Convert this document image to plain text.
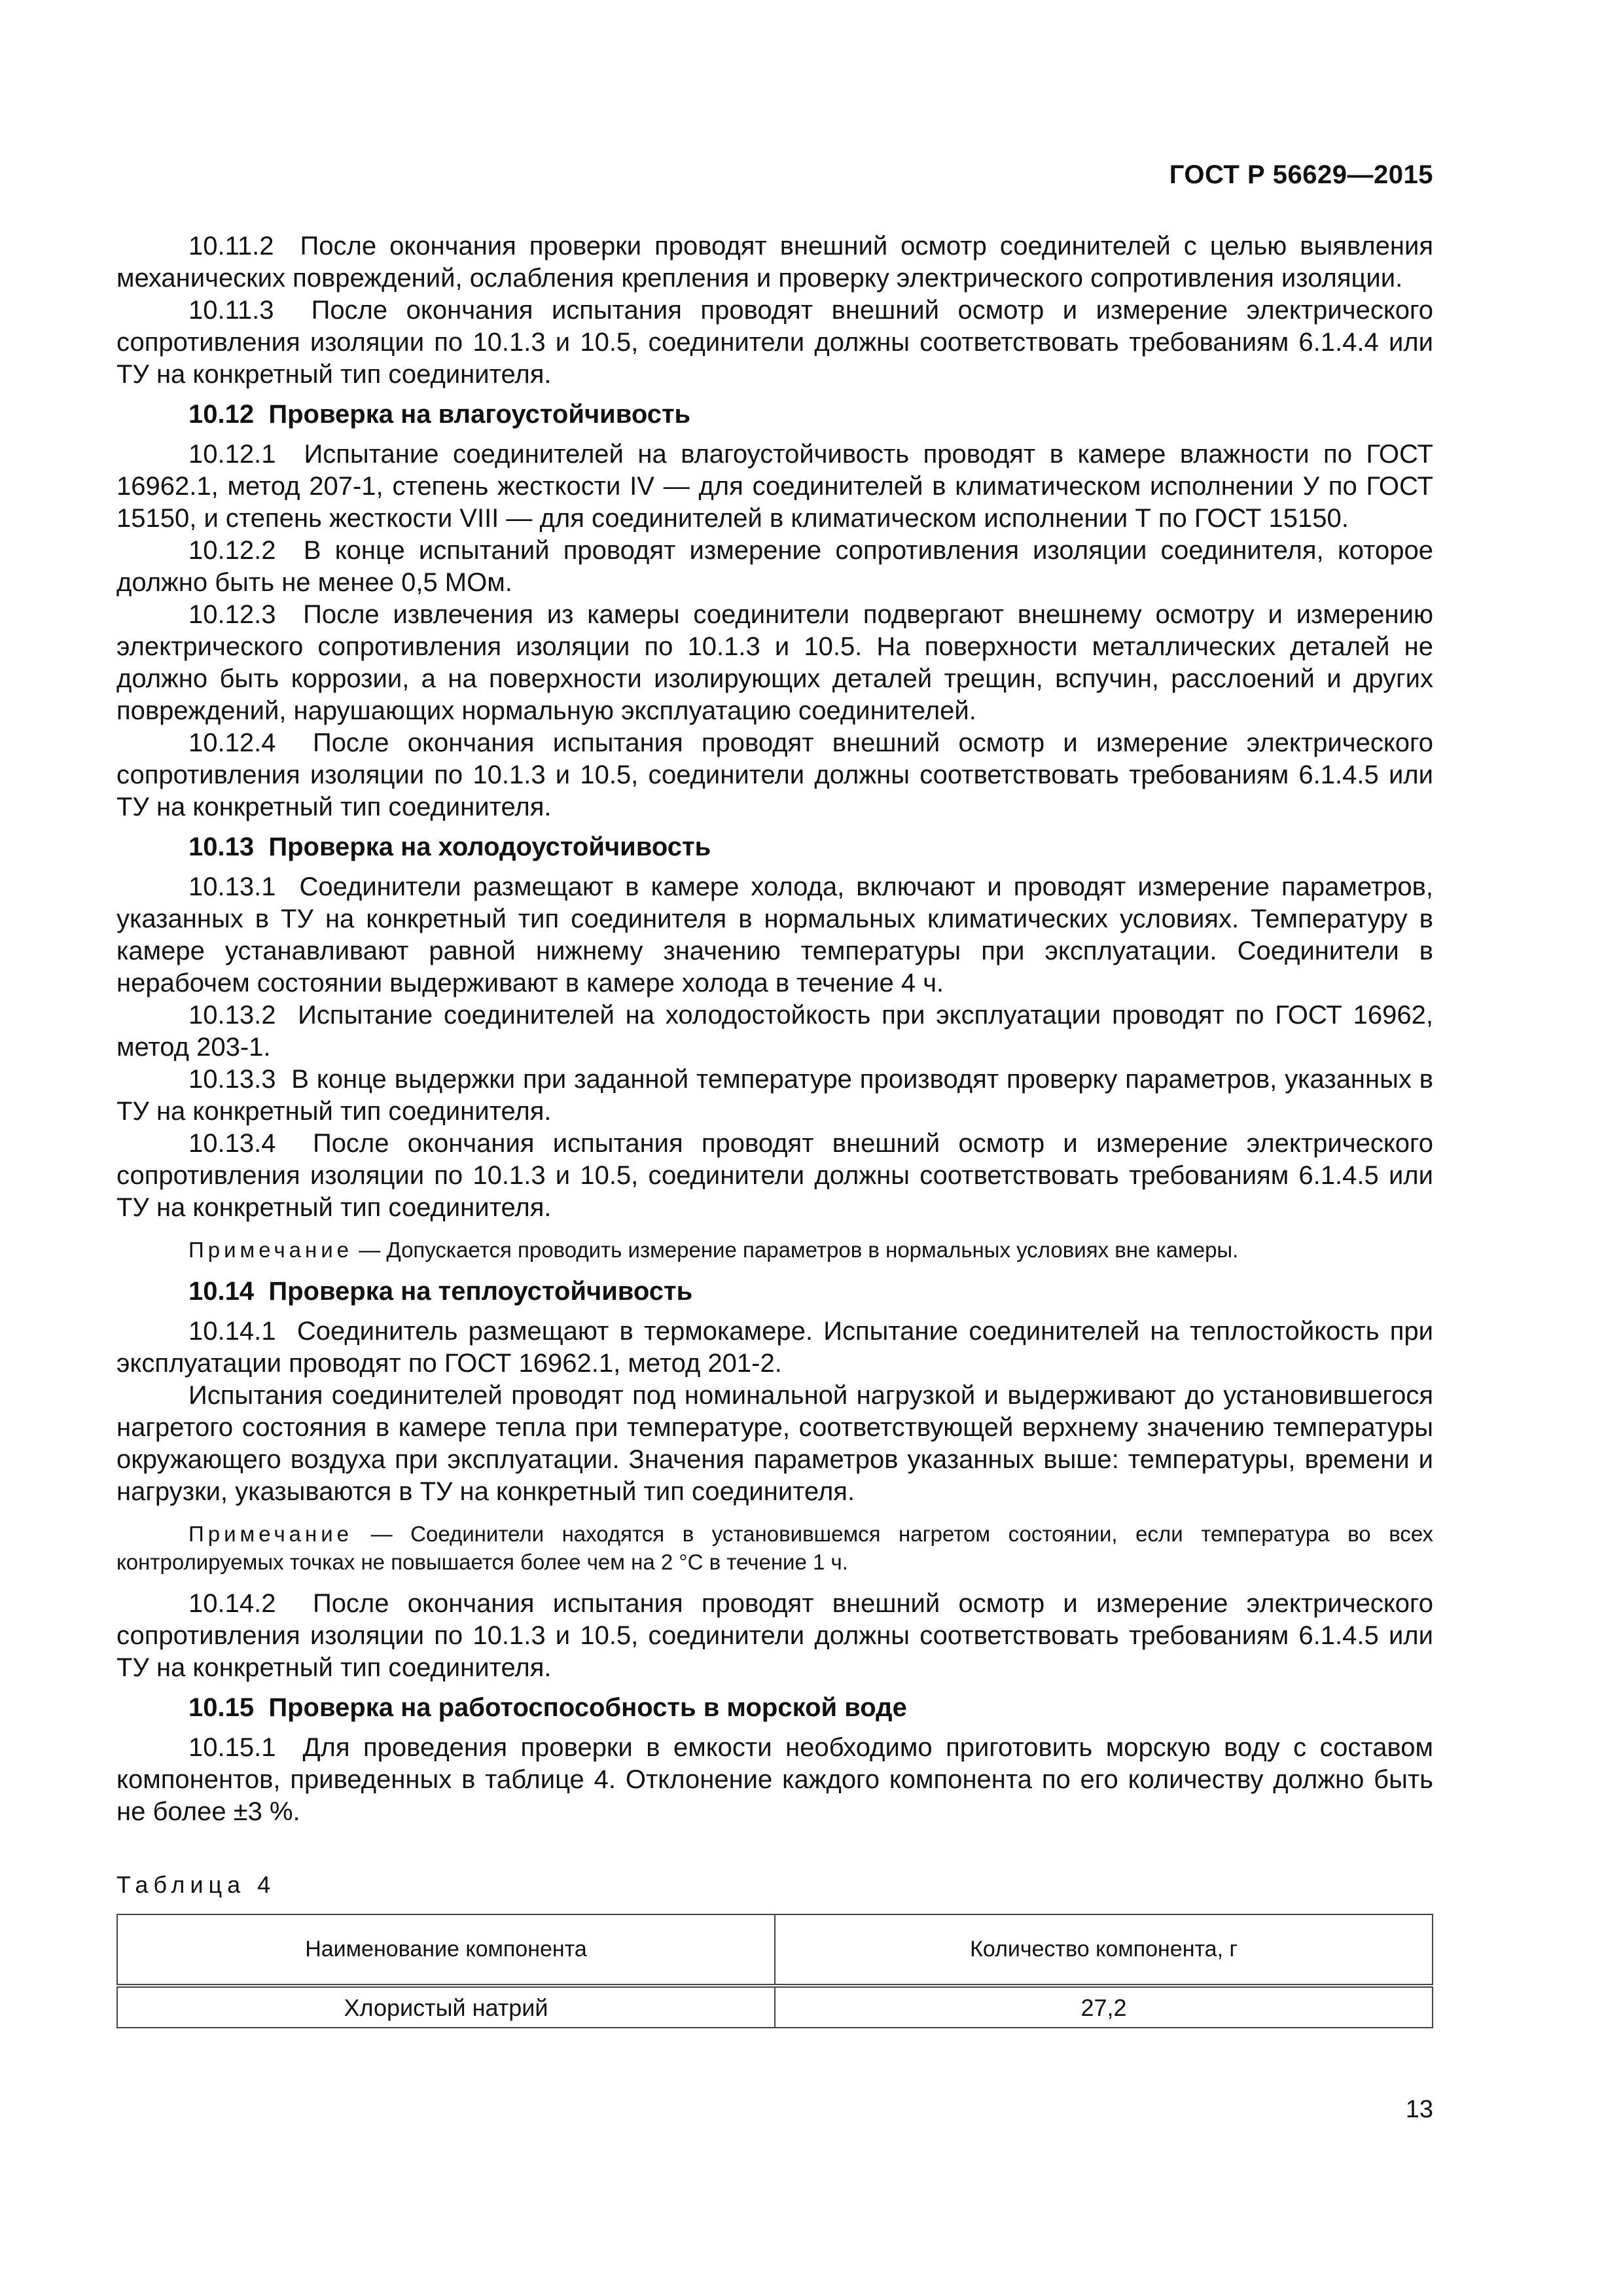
ГОСТ Р 56629—2015

10.11.2 После окончания проверки проводят внешний осмотр соединителей с целью выявления механических повреждений, ослабления крепления и проверку электрического сопротивления изоляции.

10.11.3 После окончания испытания проводят внешний осмотр и измерение электрического сопротивления изоляции по 10.1.3 и 10.5, соединители должны соответствовать требованиям 6.1.4.4 или ТУ на конкретный тип соединителя.

10.12 Проверка на влагоустойчивость

10.12.1 Испытание соединителей на влагоустойчивость проводят в камере влажности по ГОСТ 16962.1, метод 207-1, степень жесткости IV — для соединителей в климатическом исполнении У по ГОСТ 15150, и степень жесткости VIII — для соединителей в климатическом исполнении Т по ГОСТ 15150.

10.12.2 В конце испытаний проводят измерение сопротивления изоляции соединителя, которое должно быть не менее 0,5 МОм.

10.12.3 После извлечения из камеры соединители подвергают внешнему осмотру и измерению электрического сопротивления изоляции по 10.1.3 и 10.5. На поверхности металлических деталей не должно быть коррозии, а на поверхности изолирующих деталей трещин, вспучин, расслоений и других повреждений, нарушающих нормальную эксплуатацию соединителей.

10.12.4 После окончания испытания проводят внешний осмотр и измерение электрического сопротивления изоляции по 10.1.3 и 10.5, соединители должны соответствовать требованиям 6.1.4.5 или ТУ на конкретный тип соединителя.

10.13 Проверка на холодоустойчивость

10.13.1 Соединители размещают в камере холода, включают и проводят измерение параметров, указанных в ТУ на конкретный тип соединителя в нормальных климатических условиях. Температуру в камере устанавливают равной нижнему значению температуры при эксплуатации. Соединители в нерабочем состоянии выдерживают в камере холода в течение 4 ч.

10.13.2 Испытание соединителей на холодостойкость при эксплуатации проводят по ГОСТ 16962, метод 203-1.

10.13.3 В конце выдержки при заданной температуре производят проверку параметров, указанных в ТУ на конкретный тип соединителя.

10.13.4 После окончания испытания проводят внешний осмотр и измерение электрического сопротивления изоляции по 10.1.3 и 10.5, соединители должны соответствовать требованиям 6.1.4.5 или ТУ на конкретный тип соединителя.

Примечание — Допускается проводить измерение параметров в нормальных условиях вне камеры.

10.14 Проверка на теплоустойчивость

10.14.1 Соединитель размещают в термокамере. Испытание соединителей на теплостойкость при эксплуатации проводят по ГОСТ 16962.1, метод 201-2.

Испытания соединителей проводят под номинальной нагрузкой и выдерживают до установившегося нагретого состояния в камере тепла при температуре, соответствующей верхнему значению температуры окружающего воздуха при эксплуатации. Значения параметров указанных выше: температуры, времени и нагрузки, указываются в ТУ на конкретный тип соединителя.

Примечание — Соединители находятся в установившемся нагретом состоянии, если температура во всех контролируемых точках не повышается более чем на 2 °С в течение 1 ч.

10.14.2 После окончания испытания проводят внешний осмотр и измерение электрического сопротивления изоляции по 10.1.3 и 10.5, соединители должны соответствовать требованиям 6.1.4.5 или ТУ на конкретный тип соединителя.

10.15 Проверка на работоспособность в морской воде

10.15.1 Для проведения проверки в емкости необходимо приготовить морскую воду с составом компонентов, приведенных в таблице 4. Отклонение каждого компонента по его количеству должно быть не более ±3 %.

Таблица 4
Наименование компонента	Количество компонента, г
Хлористый натрий	27,2
13
